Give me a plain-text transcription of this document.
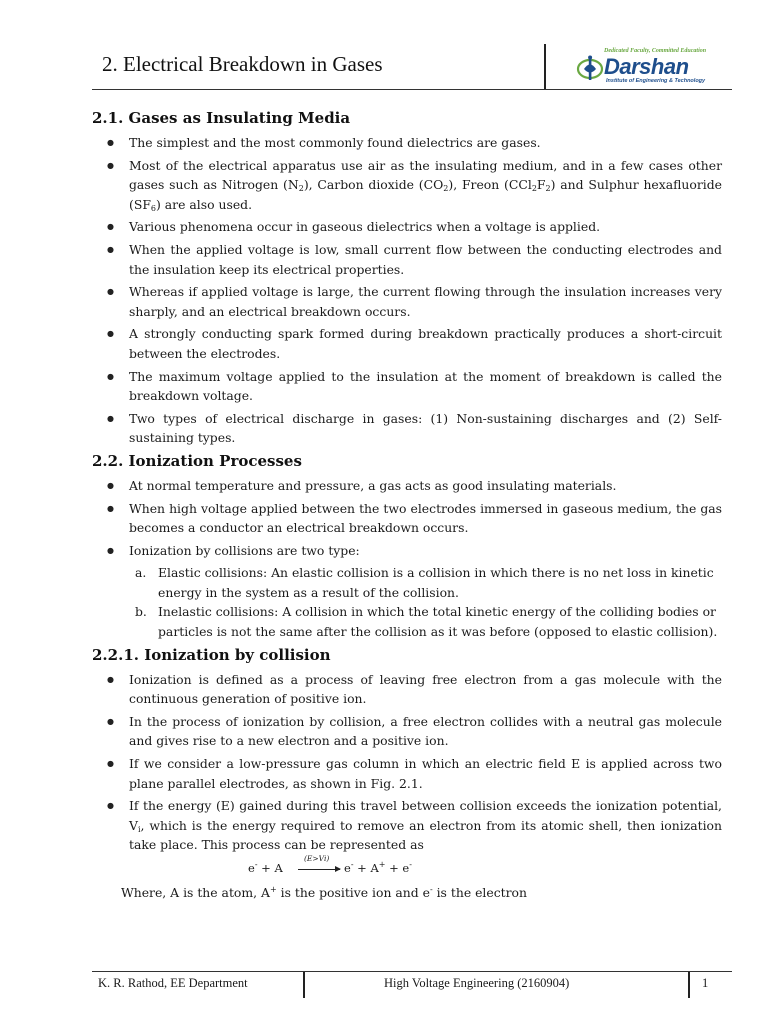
2. Electrical Breakdown in Gases
Dedicated Faculty, Committed Education
Darshan
Institute of Engineering & Technology
2.1. Gases as Insulating Media
● The simplest and the most commonly found dielectrics are gases.
● Most of the electrical apparatus use air as the insulating medium, and in a few cases other gases such as Nitrogen $(N_2)$, Carbon dioxide $(CO_2)$, Freon $(CCl_2F_2)$ and Sulphur hexafluoride $(SF_6)$ are also used.
● Various phenomena occur in gaseous dielectrics when a voltage is applied.
● When the applied voltage is low, small current flow between the conducting electrodes and the insulation keep its electrical properties.
● Whereas if applied voltage is large, the current flowing through the insulation increases very sharply, and an electrical breakdown occurs.
● A strongly conducting spark formed during breakdown practically produces a short-circuit between the electrodes.
● The maximum voltage applied to the insulation at the moment of breakdown is called the breakdown voltage.
● Two types of electrical discharge in gases: (1) Non-sustaining discharges and (2) Self-sustaining types.
2.2. Ionization Processes
● At normal temperature and pressure, a gas acts as good insulating materials.
● When high voltage applied between the two electrodes immersed in gaseous medium, the gas becomes a conductor an electrical breakdown occurs.
● Ionization by collisions are two type:
a. Elastic collisions: An elastic collision is a collision in which there is no net loss in kinetic energy in the system as a result of the collision.
b. Inelastic collisions: A collision in which the total kinetic energy of the colliding bodies or particles is not the same after the collision as it was before (opposed to elastic collision).
2.2.1. Ionization by collision
● Ionization is defined as a process of leaving free electron from a gas molecule with the continuous generation of positive ion.
● In the process of ionization by collision, a free electron collides with a neutral gas molecule and gives rise to a new electron and a positive ion.
● If we consider a low-pressure gas column in which an electric field E is applied across two plane parallel electrodes, as shown in Fig. 2.1.
● If the energy (E) gained during this travel between collision exceeds the ionization potential, $V_i$, which is the energy required to remove an electron from its atomic shell, then ionization take place. This process can be represented as
e- + A
(E>Vi)
→ e- + A+ + e-
Where, A is the atom, A+ is the positive ion and e- is the electron
K. R. Rathod, EE Department	High Voltage Engineering (2160904)	1
